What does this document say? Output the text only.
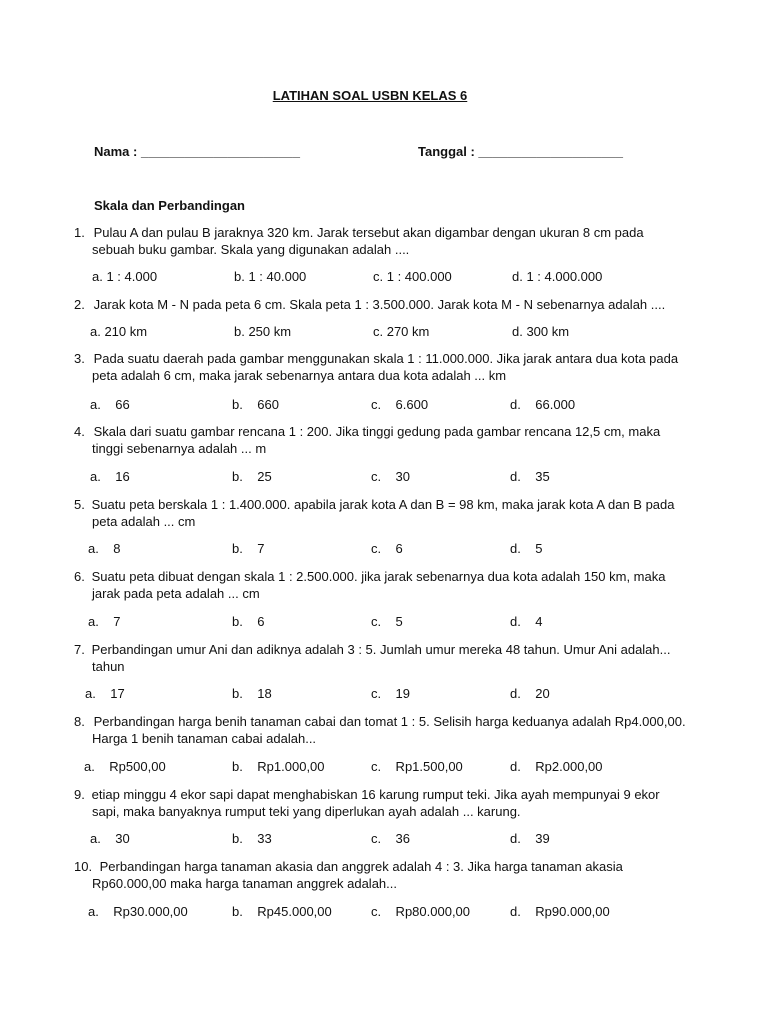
LATIHAN SOAL USBN KELAS 6
Nama : ______________________	Tanggal : ____________________
Skala dan Perbandingan
1. Pulau A dan pulau B jaraknya 320 km. Jarak tersebut akan digambar dengan ukuran 8 cm pada
sebuah buku gambar. Skala yang digunakan adalah ....
a. 1 : 4.000	b. 1 : 40.000	c. 1 : 400.000	d. 1 : 4.000.000
2. Jarak kota M - N pada peta 6 cm. Skala peta 1 : 3.500.000. Jarak kota M - N sebenarnya adalah ....
a. 210 km	b. 250 km	c. 270 km	d. 300 km
3. Pada suatu daerah pada gambar menggunakan skala 1 : 11.000.000. Jika jarak antara dua kota pada
peta adalah 6 cm, maka jarak sebenarnya antara dua kota adalah ... km
a.    66	b.    660	c.    6.600	d.    66.000
4. Skala dari suatu gambar rencana 1 : 200. Jika tinggi gedung pada gambar rencana 12,5 cm, maka
tinggi sebenarnya adalah ... m
a.    16	b.    25	c.    30	d.    35
5. Suatu peta berskala 1 : 1.400.000. apabila jarak kota A dan B = 98 km, maka jarak kota A dan B pada
peta adalah ... cm
a.    8	b.    7	c.    6	d.    5
6. Suatu peta dibuat dengan skala 1 : 2.500.000. jika jarak sebenarnya dua kota adalah 150 km, maka
jarak pada peta adalah ... cm
a.    7	b.    6	c.    5	d.    4
7. Perbandingan umur Ani dan adiknya adalah 3 : 5. Jumlah umur mereka 48 tahun. Umur Ani adalah...
tahun
a.    17	b.    18	c.    19	d.    20
8. Perbandingan harga benih tanaman cabai dan tomat 1 : 5. Selisih harga keduanya adalah Rp4.000,00.
Harga 1 benih tanaman cabai adalah...
a.    Rp500,00	b.    Rp1.000,00	c.    Rp1.500,00	d.    Rp2.000,00
9. etiap minggu 4 ekor sapi dapat menghabiskan 16 karung rumput teki. Jika ayah mempunyai 9 ekor
sapi, maka banyaknya rumput teki yang diperlukan ayah adalah ... karung.
a.    30	b.    33	c.    36	d.    39
10. Perbandingan harga tanaman akasia dan anggrek adalah 4 : 3. Jika harga tanaman akasia
Rp60.000,00 maka harga tanaman anggrek adalah...
a.    Rp30.000,00	b.    Rp45.000,00	c.    Rp80.000,00	d.    Rp90.000,00
